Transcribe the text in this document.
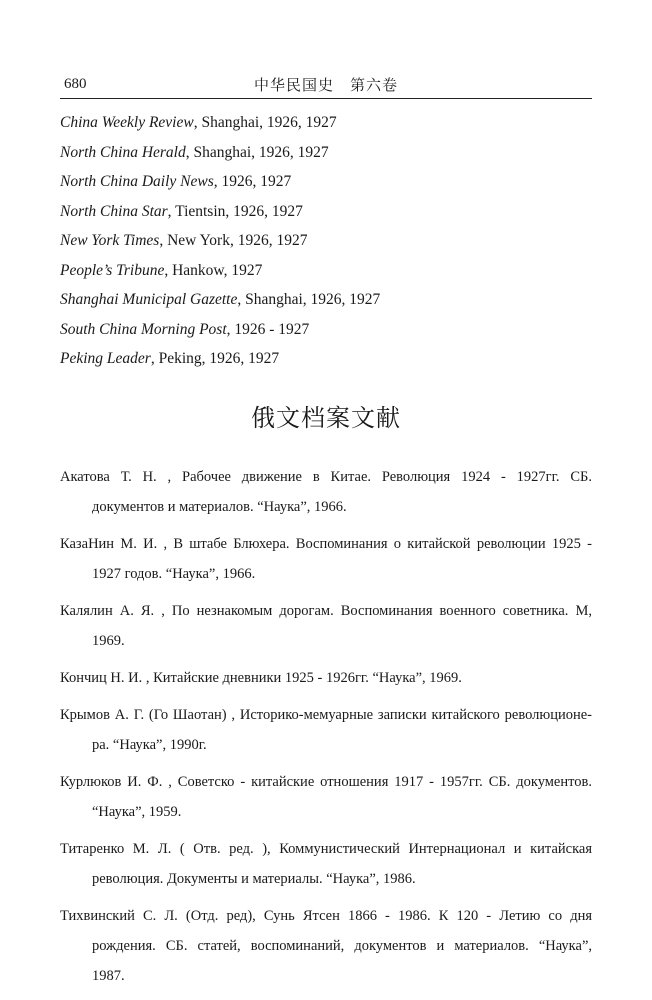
680	中华民国史　第六卷
China Weekly Review, Shanghai, 1926, 1927
North China Herald, Shanghai, 1926, 1927
North China Daily News, 1926, 1927
North China Star, Tientsin, 1926, 1927
New York Times, New York, 1926, 1927
People’s Tribune, Hankow, 1927
Shanghai Municipal Gazette, Shanghai, 1926, 1927
South China Morning Post, 1926 - 1927
Peking Leader, Peking, 1926, 1927
俄文档案文献
Акатова Т. Н. , Рабочее движение в Китае. Революция 1924 - 1927гг. СБ.
документов и материалов. “Наука”, 1966.
КазаНин М. И. , В штабе Блюхера. Воспоминания о китайской революции 1925 -
1927 годов. “Наука”, 1966.
Калялин А. Я. , По незнакомым дорогам. Воспоминания военного советника. М,
1969.
Кончиц Н. И. , Китайские дневники 1925 - 1926гг. “Наука”, 1969.
Крымов А. Г. (Го Шаотан) , Историко-мемуарные записки китайского революционе-
ра. “Наука”, 1990г.
Курлюков И. Ф. , Советско - китайские отношения 1917 - 1957гг. СБ. документов.
“Наука”, 1959.
Титаренко М. Л. ( Отв. ред. ), Коммунистический Интернационал и китайская
революция. Документы и материалы. “Наука”, 1986.
Тихвинский С. Л. (Отд. ред), Сунь Ятсен 1866 - 1986. К 120 - Летию со дня
рождения. СБ. статей, воспоминаний, документов и материалов. “Наука”,
1987.
